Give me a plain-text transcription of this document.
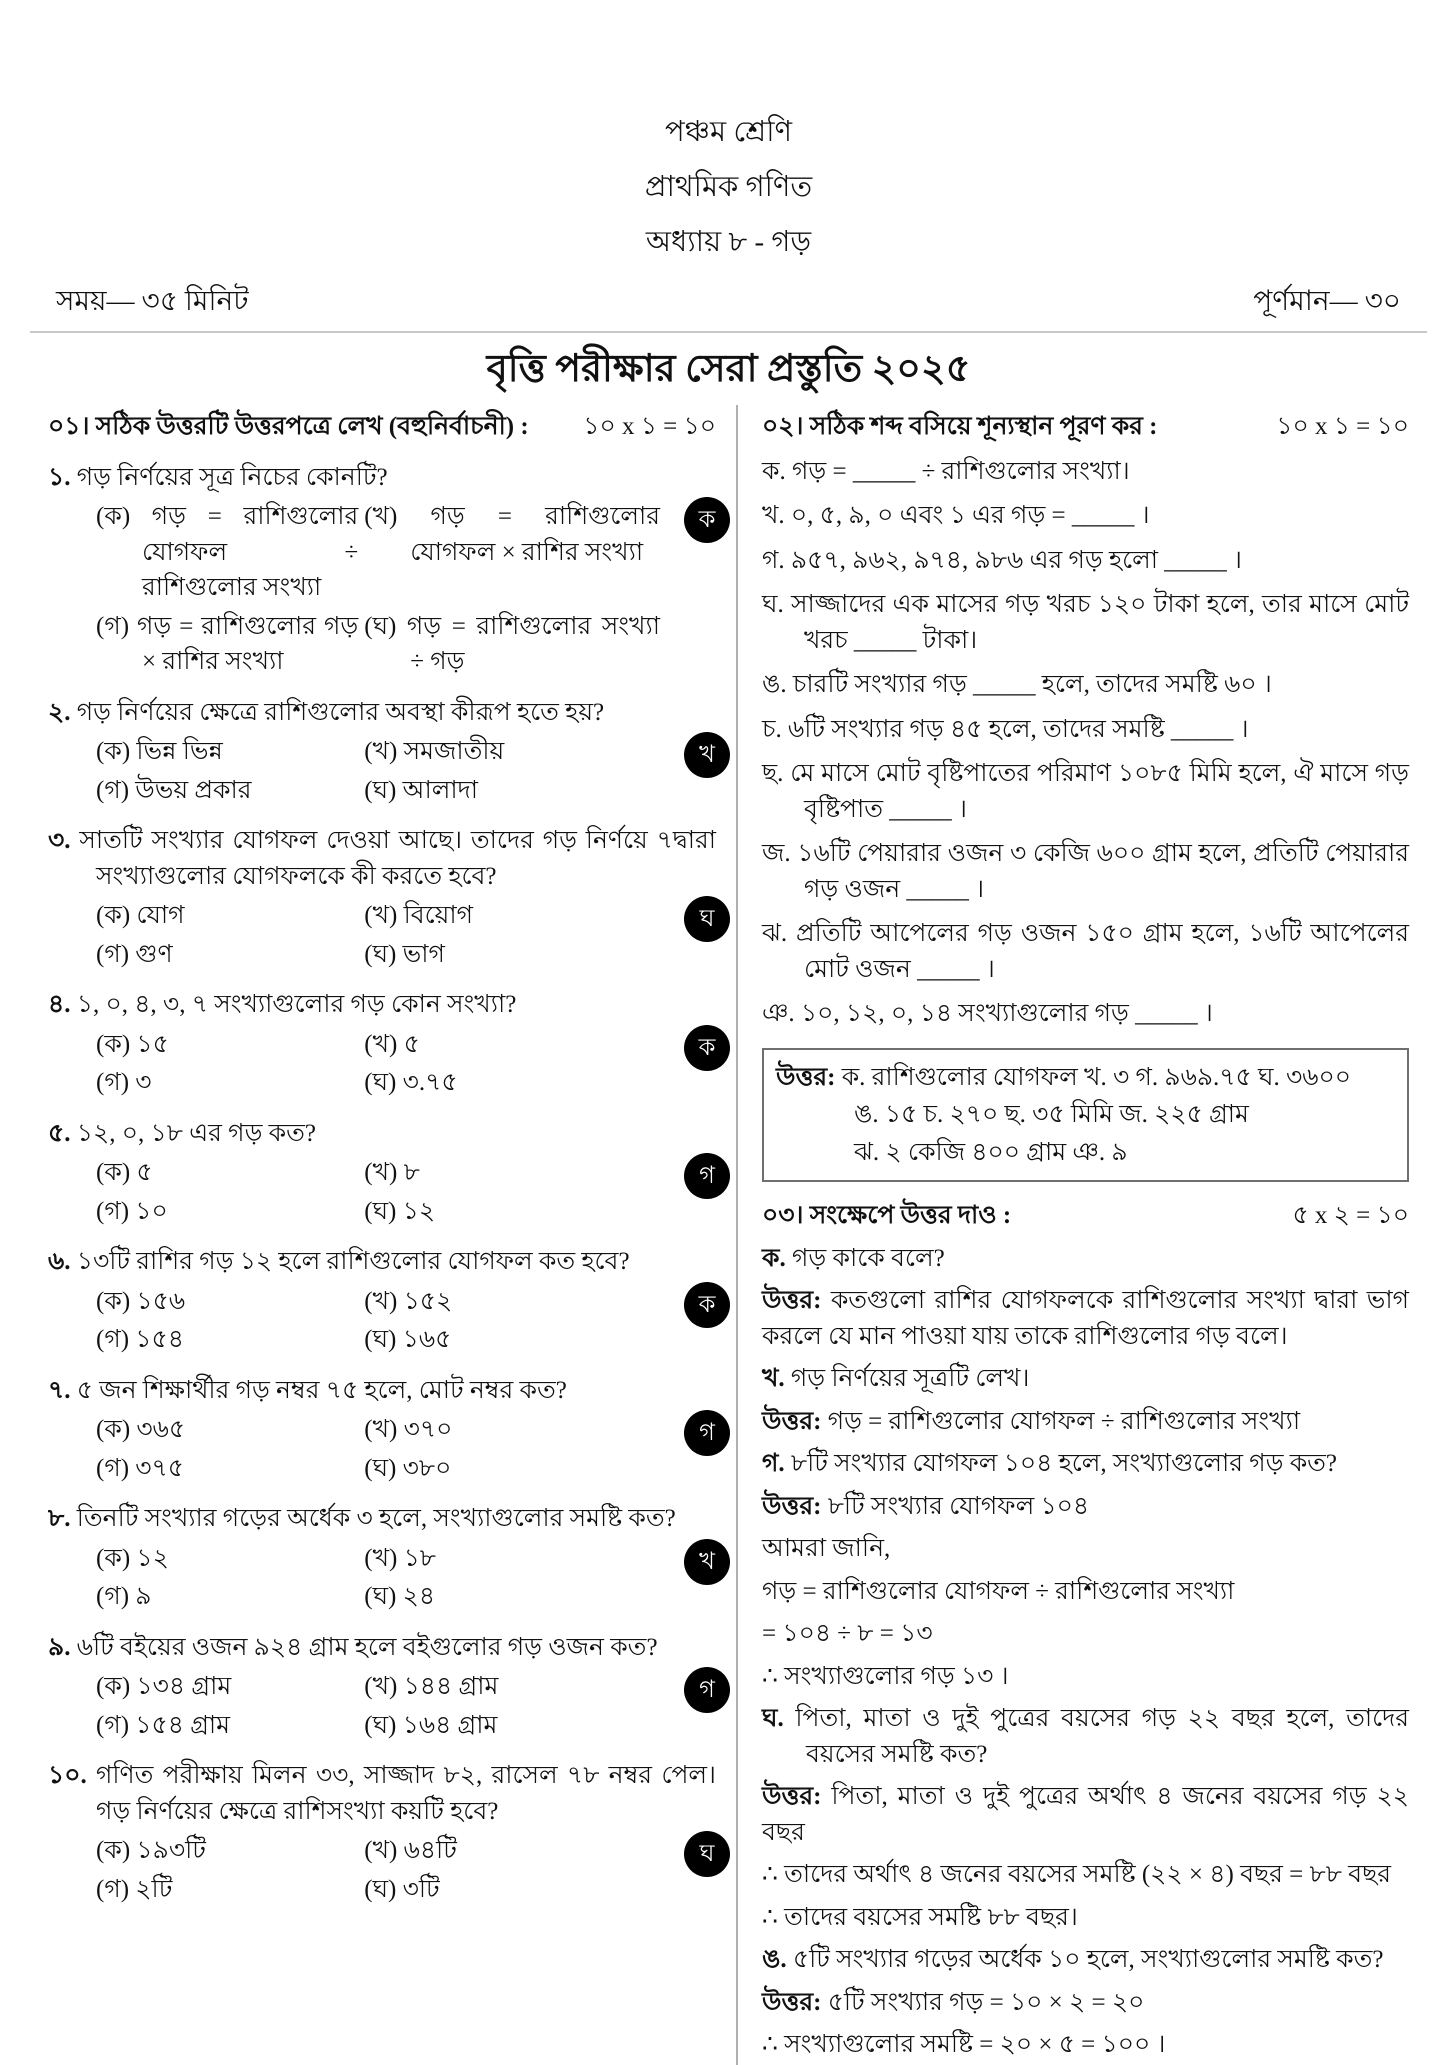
পঞ্চম শ্রেণি
প্রাথমিক গণিত
অধ্যায় ৮ - গড়
সময়— ৩৫ মিনিট	পূর্ণমান— ৩০
বৃত্তি পরীক্ষার সেরা প্রস্তুতি ২০২৫
০১। সঠিক উত্তরটি উত্তরপত্রে লেখ (বহুনির্বাচনী) :	১০ x ১ = ১০
১. গড় নির্ণয়ের সূত্র নিচের কোনটি?
(ক) গড় = রাশিগুলোর যোগফল ÷ রাশিগুলোর সংখ্যা
(খ) গড় = রাশিগুলোর যোগফল × রাশির সংখ্যা
(গ) গড় = রাশিগুলোর গড় × রাশির সংখ্যা
(ঘ) গড় = রাশিগুলোর সংখ্যা ÷ গড়
ক
২. গড় নির্ণয়ের ক্ষেত্রে রাশিগুলোর অবস্থা কীরূপ হতে হয়?
(ক) ভিন্ন ভিন্ন	(খ) সমজাতীয়
(গ) উভয় প্রকার	(ঘ) আলাদা
খ
৩. সাতটি সংখ্যার যোগফল দেওয়া আছে। তাদের গড় নির্ণয়ে ৭দ্বারা সংখ্যাগুলোর যোগফলকে কী করতে হবে?
(ক) যোগ	(খ) বিয়োগ
(গ) গুণ	(ঘ) ভাগ
ঘ
৪. ১, ০, ৪, ৩, ৭ সংখ্যাগুলোর গড় কোন সংখ্যা?
(ক) ১৫	(খ) ৫
(গ) ৩	(ঘ) ৩.৭৫
ক
৫. ১২, ০, ১৮ এর গড় কত?
(ক) ৫	(খ) ৮
(গ) ১০	(ঘ) ১২
গ
৬. ১৩টি রাশির গড় ১২ হলে রাশিগুলোর যোগফল কত হবে?
(ক) ১৫৬	(খ) ১৫২
(গ) ১৫৪	(ঘ) ১৬৫
ক
৭. ৫ জন শিক্ষার্থীর গড় নম্বর ৭৫ হলে, মোট নম্বর কত?
(ক) ৩৬৫	(খ) ৩৭০
(গ) ৩৭৫	(ঘ) ৩৮০
গ
৮. তিনটি সংখ্যার গড়ের অর্ধেক ৩ হলে, সংখ্যাগুলোর সমষ্টি কত?
(ক) ১২	(খ) ১৮
(গ) ৯	(ঘ) ২৪
খ
৯. ৬টি বইয়ের ওজন ৯২৪ গ্রাম হলে বইগুলোর গড় ওজন কত?
(ক) ১৩৪ গ্রাম	(খ) ১৪৪ গ্রাম
(গ) ১৫৪ গ্রাম	(ঘ) ১৬৪ গ্রাম
গ
১০. গণিত পরীক্ষায় মিলন ৩৩, সাজ্জাদ ৮২, রাসেল ৭৮ নম্বর পেল। গড় নির্ণয়ের ক্ষেত্রে রাশিসংখ্যা কয়টি হবে?
(ক) ১৯৩টি	(খ) ৬৪টি
(গ) ২টি	(ঘ) ৩টি
ঘ
০২। সঠিক শব্দ বসিয়ে শূন্যস্থান পূরণ কর :	১০ x ১ = ১০
ক. গড় = _____ ÷ রাশিগুলোর সংখ্যা।
খ. ০, ৫, ৯, ০ এবং ১ এর গড় = _____ ।
গ. ৯৫৭, ৯৬২, ৯৭৪, ৯৮৬ এর গড় হলো _____ ।
ঘ. সাজ্জাদের এক মাসের গড় খরচ ১২০ টাকা হলে, তার মাসে মোট খরচ _____ টাকা।
ঙ. চারটি সংখ্যার গড় _____ হলে, তাদের সমষ্টি ৬০ ।
চ. ৬টি সংখ্যার গড় ৪৫ হলে, তাদের সমষ্টি _____ ।
ছ. মে মাসে মোট বৃষ্টিপাতের পরিমাণ ১০৮৫ মিমি হলে, ঐ মাসে গড় বৃষ্টিপাত _____ ।
জ. ১৬টি পেয়ারার ওজন ৩ কেজি ৬০০ গ্রাম হলে, প্রতিটি পেয়ারার গড় ওজন _____ ।
ঝ. প্রতিটি আপেলের গড় ওজন ১৫০ গ্রাম হলে, ১৬টি আপেলের মোট ওজন _____ ।
ঞ. ১০, ১২, ০, ১৪ সংখ্যাগুলোর গড় _____ ।
উত্তর: ক. রাশিগুলোর যোগফল খ. ৩ গ. ৯৬৯.৭৫ ঘ. ৩৬০০
ঙ. ১৫ চ. ২৭০ ছ. ৩৫ মিমি জ. ২২৫ গ্রাম
ঝ. ২ কেজি ৪০০ গ্রাম ঞ. ৯
০৩। সংক্ষেপে উত্তর দাও :	৫ x ২ = ১০
ক. গড় কাকে বলে?
উত্তর: কতগুলো রাশির যোগফলকে রাশিগুলোর সংখ্যা দ্বারা ভাগ করলে যে মান পাওয়া যায় তাকে রাশিগুলোর গড় বলে।
খ. গড় নির্ণয়ের সূত্রটি লেখ।
উত্তর: গড় = রাশিগুলোর যোগফল ÷ রাশিগুলোর সংখ্যা
গ. ৮টি সংখ্যার যোগফল ১০৪ হলে, সংখ্যাগুলোর গড় কত?
উত্তর: ৮টি সংখ্যার যোগফল ১০৪
আমরা জানি,
গড় = রাশিগুলোর যোগফল ÷ রাশিগুলোর সংখ্যা
= ১০৪ ÷ ৮ = ১৩
∴ সংখ্যাগুলোর গড় ১৩ ।
ঘ. পিতা, মাতা ও দুই পুত্রের বয়সের গড় ২২ বছর হলে, তাদের বয়সের সমষ্টি কত?
উত্তর: পিতা, মাতা ও দুই পুত্রের অর্থাৎ ৪ জনের বয়সের গড় ২২ বছর
∴ তাদের অর্থাৎ ৪ জনের বয়সের সমষ্টি (২২ × ৪) বছর = ৮৮ বছর
∴ তাদের বয়সের সমষ্টি ৮৮ বছর।
ঙ. ৫টি সংখ্যার গড়ের অর্ধেক ১০ হলে, সংখ্যাগুলোর সমষ্টি কত?
উত্তর: ৫টি সংখ্যার গড় = ১০ × ২ = ২০
∴ সংখ্যাগুলোর সমষ্টি = ২০ × ৫ = ১০০ ।
